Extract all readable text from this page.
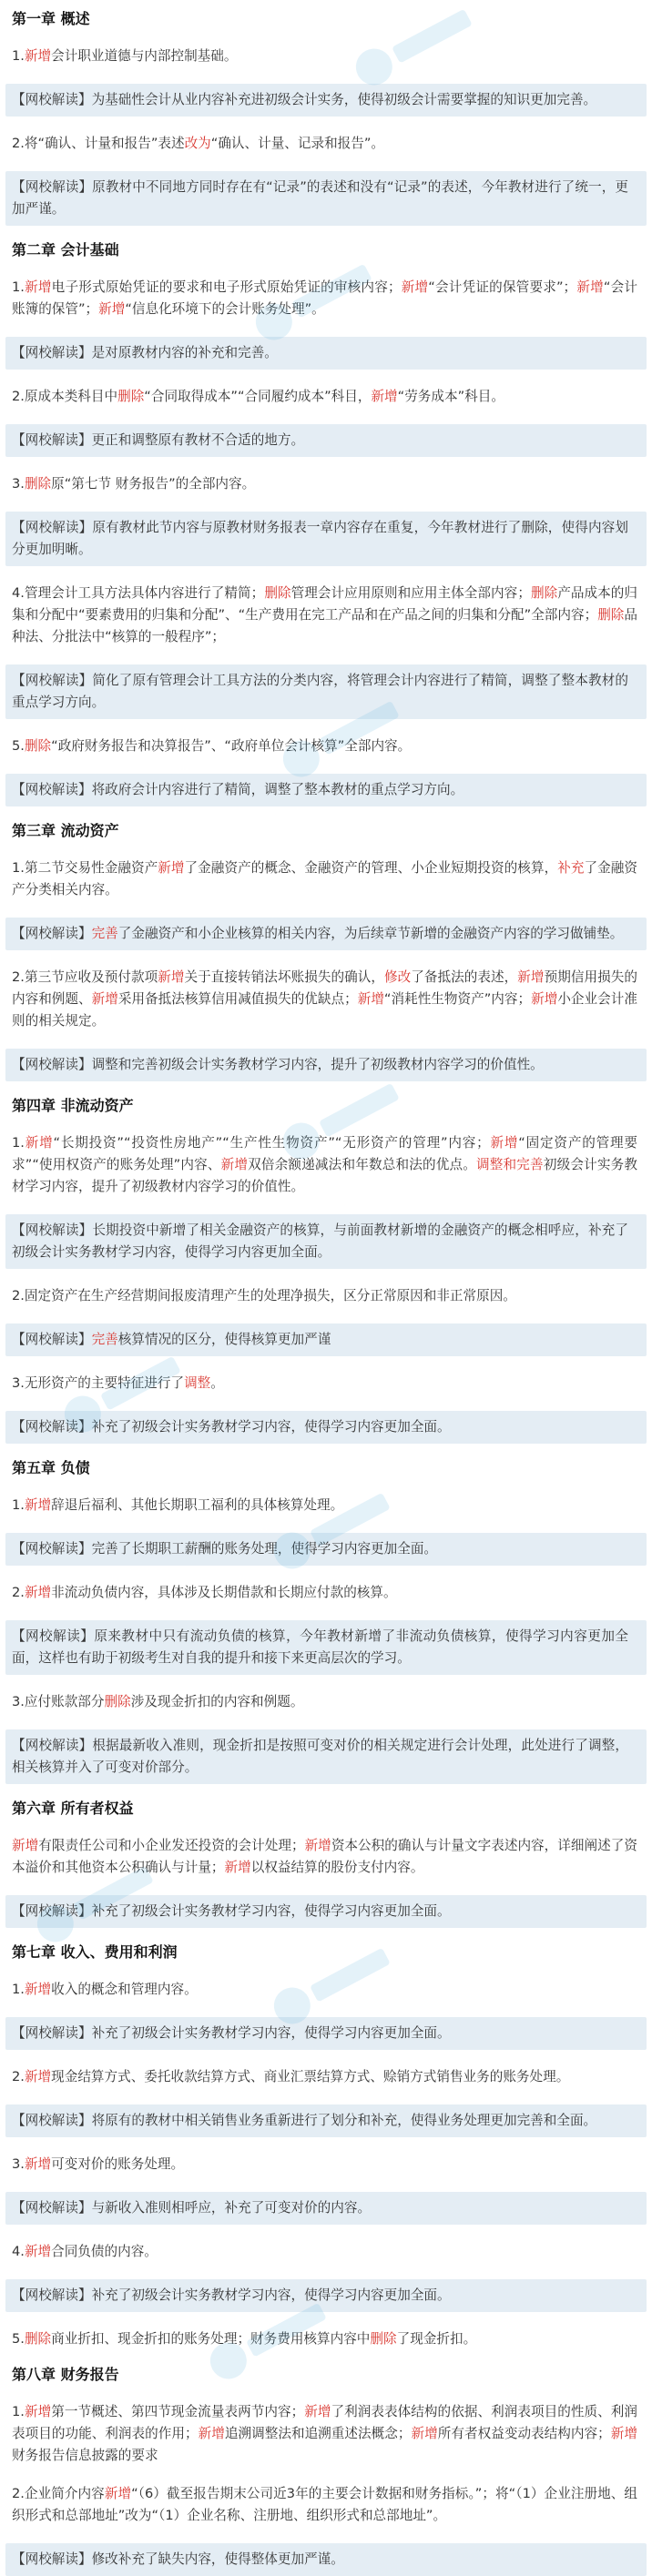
第一章 概述
1.新增会计职业道德与内部控制基础。
【网校解读】为基础性会计从业内容补充进初级会计实务，使得初级会计需要掌握的知识更加完善。
2.将“确认、计量和报告”表述改为“确认、计量、记录和报告”。
【网校解读】原教材中不同地方同时存在有“记录”的表述和没有“记录”的表述，今年教材进行了统一，更加严谨。
第二章 会计基础
1.新增电子形式原始凭证的要求和电子形式原始凭证的审核内容；新增“会计凭证的保管要求”；新增“会计账簿的保管”；新增“信息化环境下的会计账务处理”。
【网校解读】是对原教材内容的补充和完善。
2.原成本类科目中删除“合同取得成本”“合同履约成本”科目，新增“劳务成本”科目。
【网校解读】更正和调整原有教材不合适的地方。
3.删除原“第七节 财务报告”的全部内容。
【网校解读】原有教材此节内容与原教材财务报表一章内容存在重复，今年教材进行了删除，使得内容划分更加明晰。
4.管理会计工具方法具体内容进行了精简；删除管理会计应用原则和应用主体全部内容；删除产品成本的归集和分配中“要素费用的归集和分配”、“生产费用在完工产品和在产品之间的归集和分配”全部内容；删除品种法、分批法中“核算的一般程序”；
【网校解读】简化了原有管理会计工具方法的分类内容，将管理会计内容进行了精简，调整了整本教材的重点学习方向。
5.删除“政府财务报告和决算报告”、“政府单位会计核算”全部内容。
【网校解读】将政府会计内容进行了精简，调整了整本教材的重点学习方向。
第三章 流动资产
1.第二节交易性金融资产新增了金融资产的概念、金融资产的管理、小企业短期投资的核算，补充了金融资产分类相关内容。
【网校解读】完善了金融资产和小企业核算的相关内容，为后续章节新增的金融资产内容的学习做铺垫。
2.第三节应收及预付款项新增关于直接转销法坏账损失的确认，修改了备抵法的表述，新增预期信用损失的内容和例题、新增采用备抵法核算信用减值损失的优缺点；新增“消耗性生物资产”内容；新增小企业会计准则的相关规定。
【网校解读】调整和完善初级会计实务教材学习内容，提升了初级教材内容学习的价值性。
第四章 非流动资产
1.新增“长期投资”“投资性房地产”“生产性生物资产”“无形资产的管理”内容；新增“固定资产的管理要求”“使用权资产的账务处理”内容、新增双倍余额递减法和年数总和法的优点。调整和完善初级会计实务教材学习内容，提升了初级教材内容学习的价值性。
【网校解读】长期投资中新增了相关金融资产的核算，与前面教材新增的金融资产的概念相呼应，补充了初级会计实务教材学习内容，使得学习内容更加全面。
2.固定资产在生产经营期间报废清理产生的处理净损失，区分正常原因和非正常原因。
【网校解读】完善核算情况的区分，使得核算更加严谨
3.无形资产的主要特征进行了调整。
【网校解读】补充了初级会计实务教材学习内容，使得学习内容更加全面。
第五章 负债
1.新增辞退后福利、其他长期职工福利的具体核算处理。
【网校解读】完善了长期职工薪酬的账务处理，使得学习内容更加全面。
2.新增非流动负债内容，具体涉及长期借款和长期应付款的核算。
【网校解读】原来教材中只有流动负债的核算，今年教材新增了非流动负债核算，使得学习内容更加全面，这样也有助于初级考生对自我的提升和接下来更高层次的学习。
3.应付账款部分删除涉及现金折扣的内容和例题。
【网校解读】根据最新收入准则，现金折扣是按照可变对价的相关规定进行会计处理，此处进行了调整，相关核算并入了可变对价部分。
第六章 所有者权益
新增有限责任公司和小企业发还投资的会计处理；新增资本公积的确认与计量文字表述内容，详细阐述了资本溢价和其他资本公积确认与计量；新增以权益结算的股份支付内容。
【网校解读】补充了初级会计实务教材学习内容，使得学习内容更加全面。
第七章 收入、费用和利润
1.新增收入的概念和管理内容。
【网校解读】补充了初级会计实务教材学习内容，使得学习内容更加全面。
2.新增现金结算方式、委托收款结算方式、商业汇票结算方式、赊销方式销售业务的账务处理。
【网校解读】将原有的教材中相关销售业务重新进行了划分和补充，使得业务处理更加完善和全面。
3.新增可变对价的账务处理。
【网校解读】与新收入准则相呼应，补充了可变对价的内容。
4.新增合同负债的内容。
【网校解读】补充了初级会计实务教材学习内容，使得学习内容更加全面。
5.删除商业折扣、现金折扣的账务处理；财务费用核算内容中删除了现金折扣。
第八章 财务报告
1.新增第一节概述、第四节现金流量表两节内容；新增了利润表表体结构的依据、利润表项目的性质、利润表项目的功能、利润表的作用；新增追溯调整法和追溯重述法概念；新增所有者权益变动表结构内容；新增财务报告信息披露的要求
2.企业简介内容新增“（6）截至报告期末公司近3年的主要会计数据和财务指标。”；将“（1）企业注册地、组织形式和总部地址”改为“（1）企业名称、注册地、组织形式和总部地址”。
【网校解读】修改补充了缺失内容，使得整体更加严谨。
